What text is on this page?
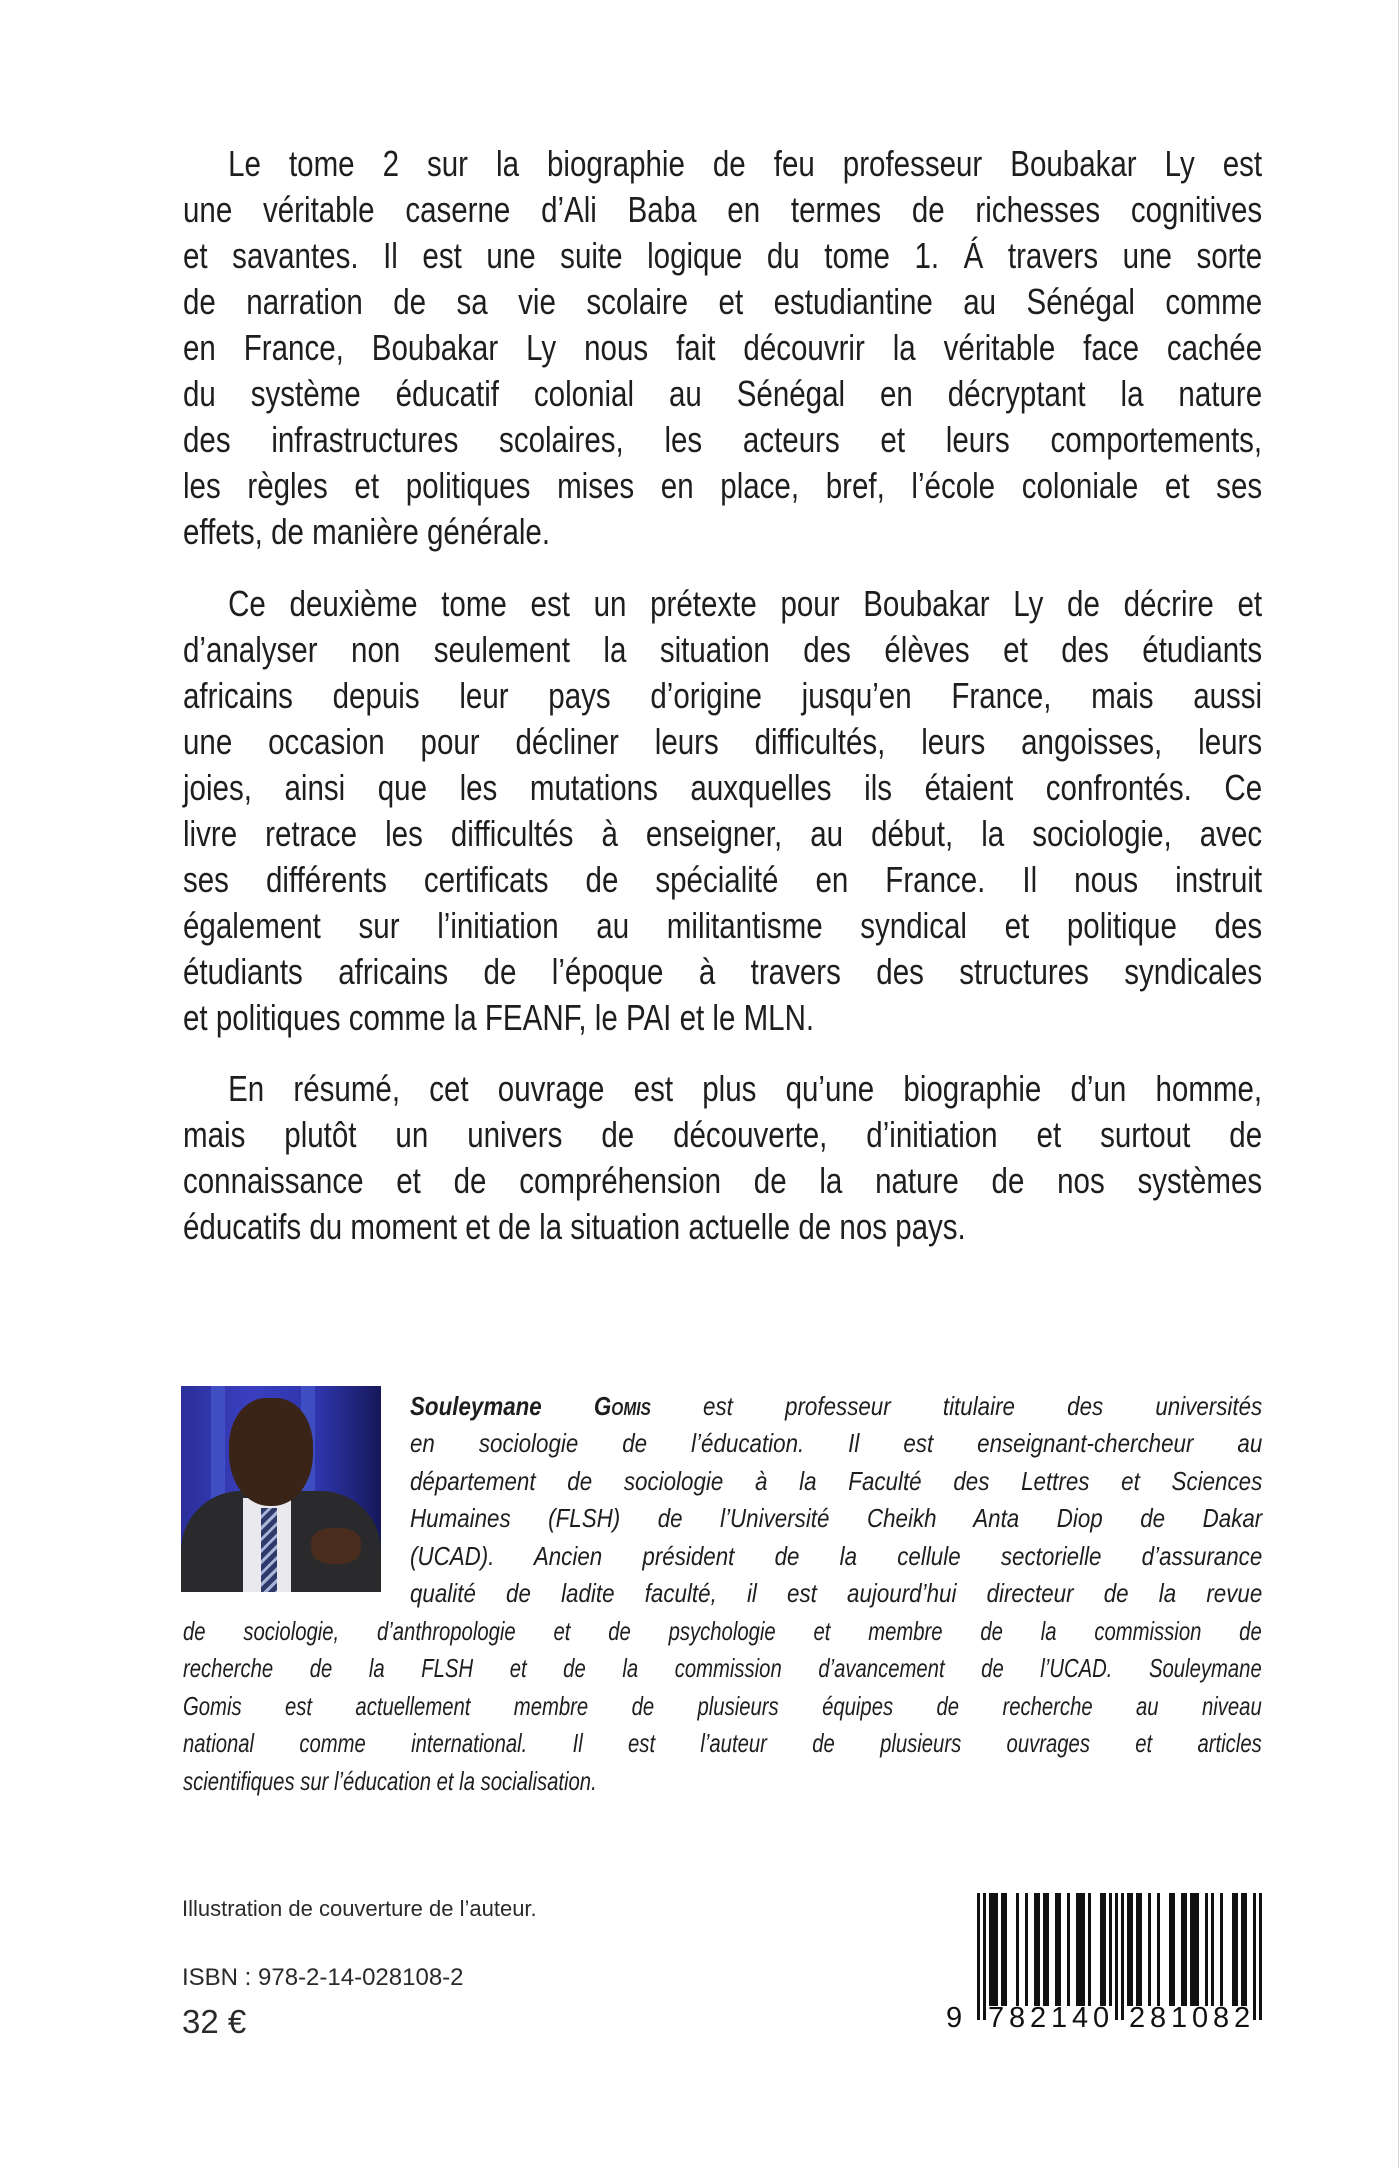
Le tome 2 sur la biographie de feu professeur Boubakar Ly est
une véritable caserne d’Ali Baba en termes de richesses cognitives
et savantes. Il est une suite logique du tome 1. Á travers une sorte
de narration de sa vie scolaire et estudiantine au Sénégal comme
en France, Boubakar Ly nous fait découvrir la véritable face cachée
du système éducatif colonial au Sénégal en décryptant la nature
des infrastructures scolaires, les acteurs et leurs comportements,
les règles et politiques mises en place, bref, l’école coloniale et ses
effets, de manière générale.
Ce deuxième tome est un prétexte pour Boubakar Ly de décrire et
d’analyser non seulement la situation des élèves et des étudiants
africains depuis leur pays d’origine jusqu’en France, mais aussi
une occasion pour décliner leurs difficultés, leurs angoisses, leurs
joies, ainsi que les mutations auxquelles ils étaient confrontés. Ce
livre retrace les difficultés à enseigner, au début, la sociologie, avec
ses différents certificats de spécialité en France. Il nous instruit
également sur l’initiation au militantisme syndical et politique des
étudiants africains de l’époque à travers des structures syndicales
et politiques comme la FEANF, le PAI et le MLN.
En résumé, cet ouvrage est plus qu’une biographie d’un homme,
mais plutôt un univers de découverte, d’initiation et surtout de
connaissance et de compréhension de la nature de nos systèmes
éducatifs du moment et de la situation actuelle de nos pays.
Souleymane Gomis est professeur titulaire des universités
en sociologie de l’éducation. Il est enseignant-chercheur au
département de sociologie à la Faculté des Lettres et Sciences
Humaines (FLSH) de l’Université Cheikh Anta Diop de Dakar
(UCAD). Ancien président de la cellule sectorielle d’assurance
qualité de ladite faculté, il est aujourd’hui directeur de la revue
de sociologie, d’anthropologie et de psychologie et membre de la commission de
recherche de la FLSH et de la commission d’avancement de l’UCAD. Souleymane
Gomis est actuellement membre de plusieurs équipes de recherche au niveau
national comme international. Il est l’auteur de plusieurs ouvrages et articles
scientifiques sur l’éducation et la socialisation.
Illustration de couverture de l’auteur.
ISBN : 978-2-14-028108-2
32 €	9 7 8 2 1 4 0 2 8 1 0 8 2
